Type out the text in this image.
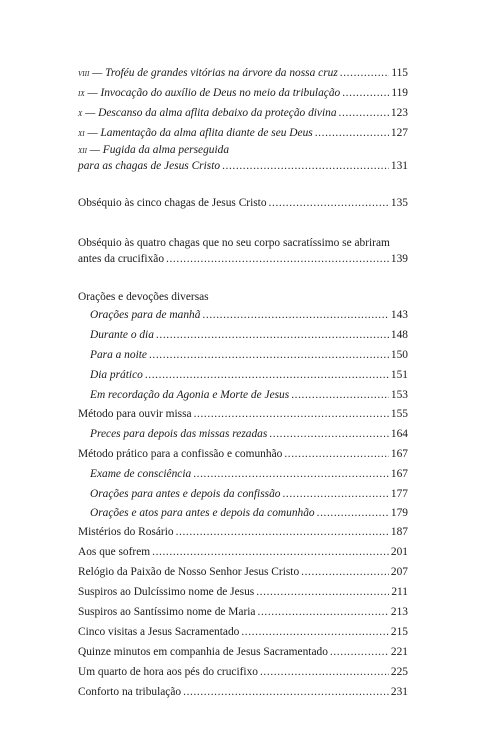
viii — Troféu de grandes vitórias na árvore da nossa cruz .....	115
ix — Invocação do auxílio de Deus no meio da tribulação .....	119
x — Descanso da alma aflita debaixo da proteção divina .....	123
xi — Lamentação da alma aflita diante de seu Deus .....	127
xii — Fugida da alma perseguida
para as chagas de Jesus Cristo .....	131
Obséquio às cinco chagas de Jesus Cristo .....	135
Obséquio às quatro chagas que no seu corpo sacratíssimo se abriram
antes da crucifixão .....	139
Orações e devoções diversas
Orações para de manhã .....	143
Durante o dia .....	148
Para a noite .....	150
Dia prático .....	151
Em recordação da Agonia e Morte de Jesus .....	153
Método para ouvir missa .....	155
Preces para depois das missas rezadas .....	164
Método prático para a confissão e comunhão .....	167
Exame de consciência .....	167
Orações para antes e depois da confissão .....	177
Orações e atos para antes e depois da comunhão .....	179
Mistérios do Rosário .....	187
Aos que sofrem .....	201
Relógio da Paixão de Nosso Senhor Jesus Cristo .....	207
Suspiros ao Dulcíssimo nome de Jesus .....	211
Suspiros ao Santíssimo nome de Maria .....	213
Cinco visitas a Jesus Sacramentado .....	215
Quinze minutos em companhia de Jesus Sacramentado .....	221
Um quarto de hora aos pés do crucifixo .....	225
Conforto na tribulação .....	231
